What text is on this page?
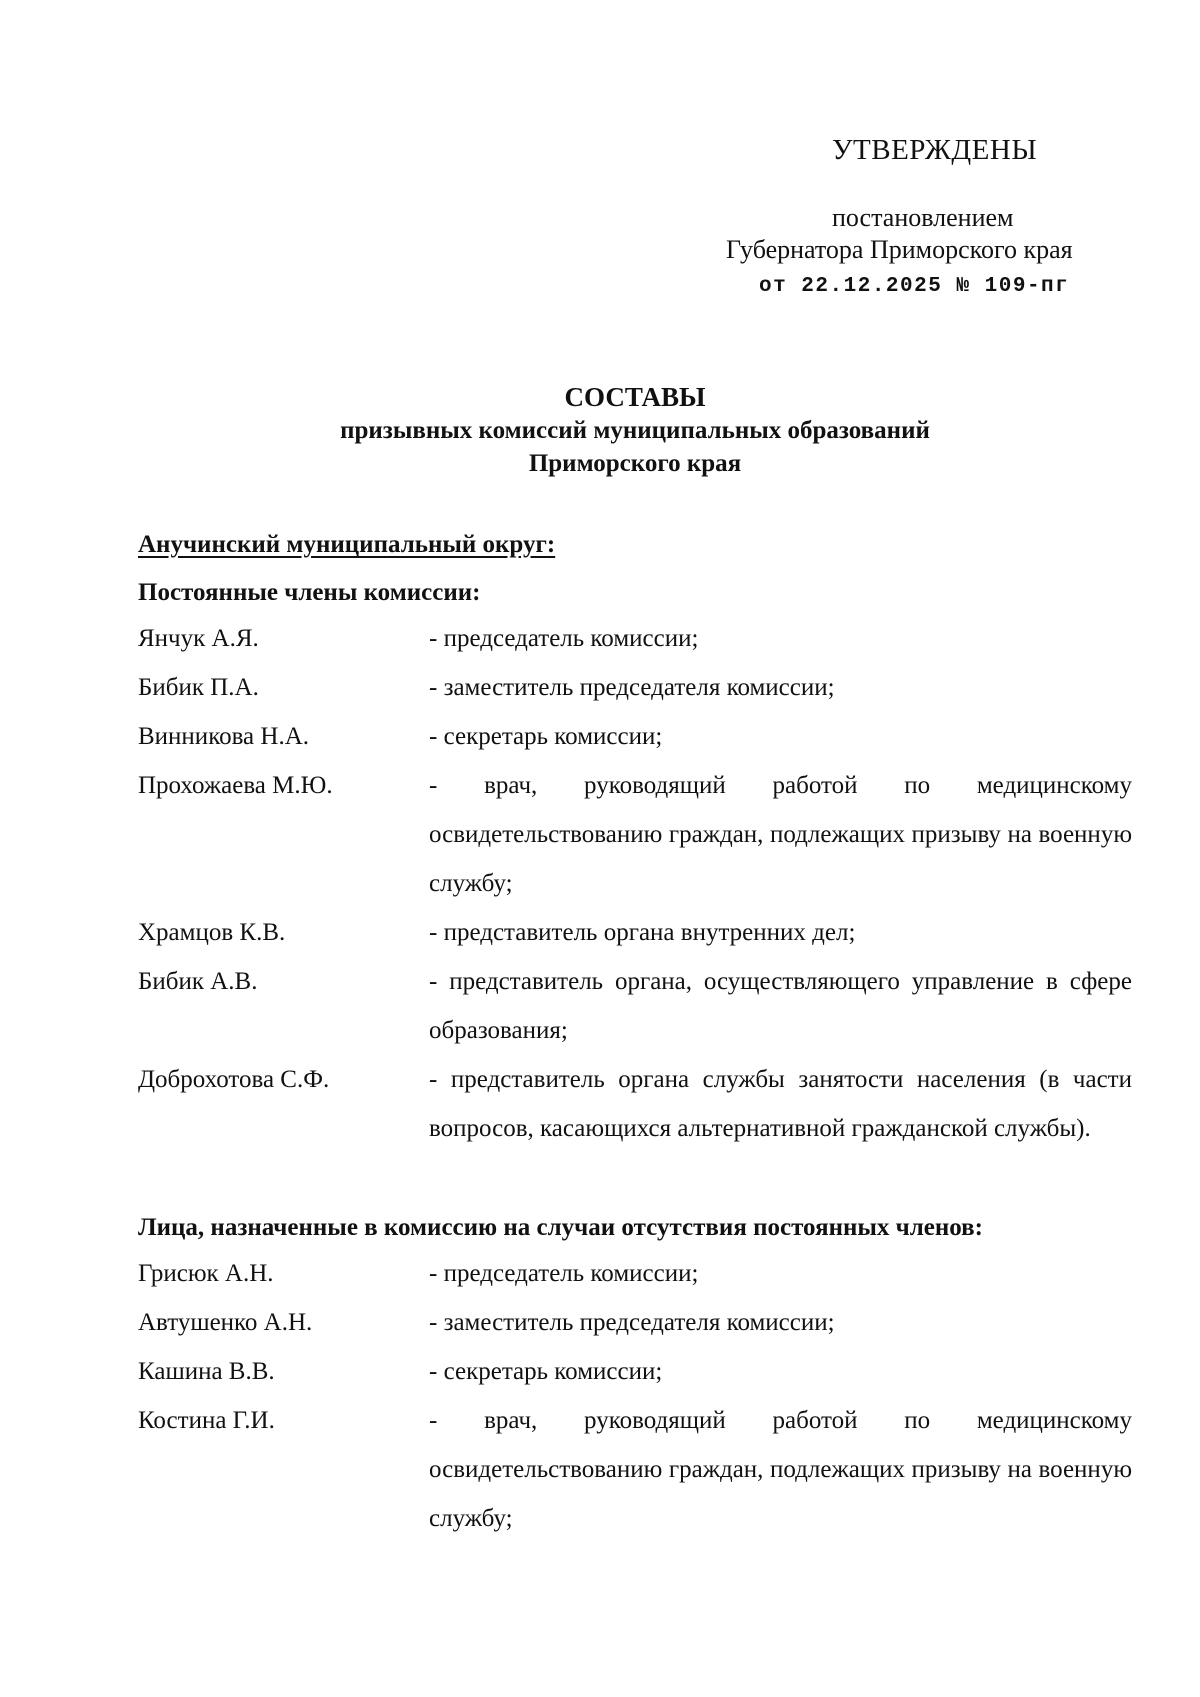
УТВЕРЖДЕНЫ
постановлением
Губернатора Приморского края
от 22.12.2025 № 109-пг
СОСТАВЫ
призывных комиссий муниципальных образований
Приморского края
Анучинский муниципальный округ:
Постоянные члены комиссии:
Янчук А.Я.	- председатель комиссии;
Бибик П.А.	- заместитель председателя комиссии;
Винникова Н.А.	- секретарь комиссии;
Прохожаева М.Ю.	- врач, руководящий работой по медицинскому освидетельствованию граждан, подлежащих призыву на военную службу;
Храмцов К.В.	- представитель органа внутренних дел;
Бибик А.В.	- представитель органа, осуществляющего управление в сфере образования;
Доброхотова С.Ф.	- представитель органа службы занятости населения (в части вопросов, касающихся альтернативной гражданской службы).
Лица, назначенные в комиссию на случаи отсутствия постоянных членов:
Грисюк А.Н.	- председатель комиссии;
Автушенко А.Н.	- заместитель председателя комиссии;
Кашина В.В.	- секретарь комиссии;
Костина Г.И.	- врач, руководящий работой по медицинскому освидетельствованию граждан, подлежащих призыву на военную службу;
